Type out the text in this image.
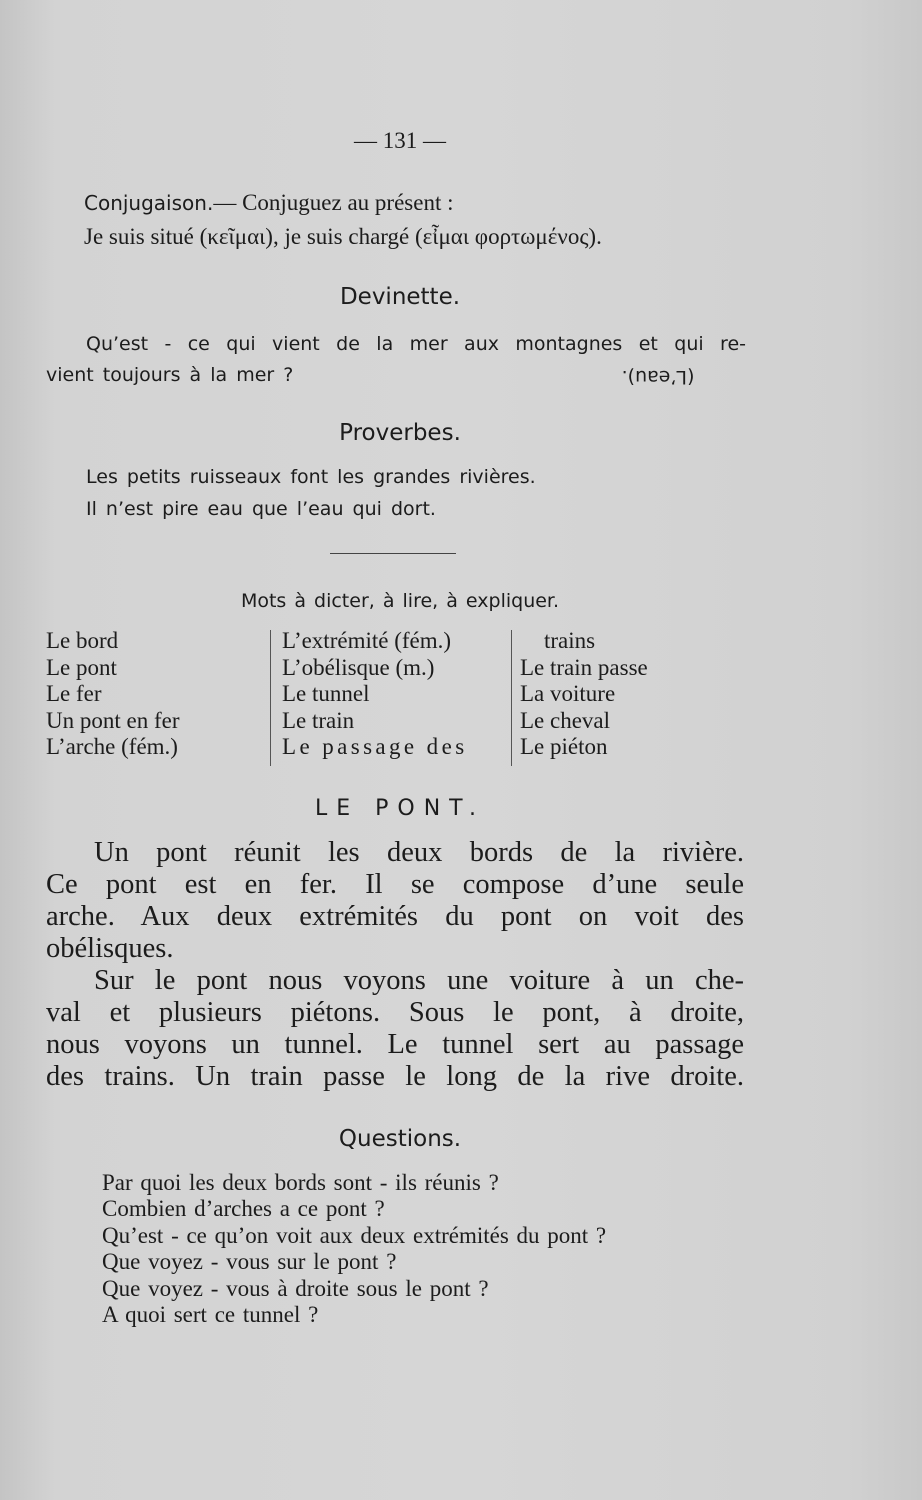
— 131 —
Conjugaison.— Conjuguez au présent :
Je suis situé (κεῖμαι), je suis chargé (εἶμαι φορτωμένος).
Devinette.
Qu’est - ce qui vient de la mer aux montagnes et qui re-
vient toujours à la mer ?	(L’eau).
Proverbes.
Les petits ruisseaux font les grandes rivières.
Il n’est pire eau que l’eau qui dort.
Mots à dicter, à lire, à expliquer.
Le bord
Le pont
Le fer
Un pont en fer
L’arche (fém.)
L’extrémité (fém.)
L’obélisque (m.)
Le tunnel
Le train
Le passage des
trains
Le train passe
La voiture
Le cheval
Le piéton
LE PONT.
Un pont réunit les deux bords de la rivière.
Ce pont est en fer. Il se compose d’une seule
arche. Aux deux extrémités du pont on voit des
obélisques.
Sur le pont nous voyons une voiture à un che-
val et plusieurs piétons. Sous le pont, à droite,
nous voyons un tunnel. Le tunnel sert au passage
des trains. Un train passe le long de la rive droite.
Questions.
Par quoi les deux bords sont - ils réunis ?
Combien d’arches a ce pont ?
Qu’est - ce qu’on voit aux deux extrémités du pont ?
Que voyez - vous sur le pont ?
Que voyez - vous à droite sous le pont ?
A quoi sert ce tunnel ?
